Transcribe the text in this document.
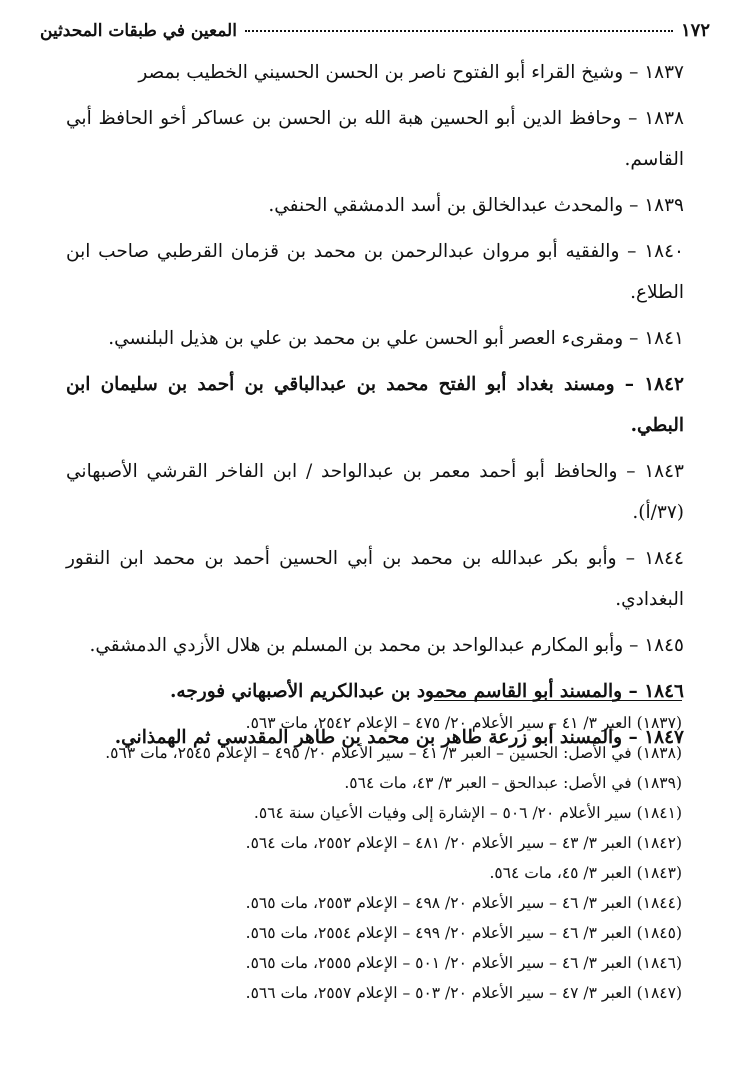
١٧٢
المعين في طبقات المحدثين

١٨٣٧ – وشيخ القراء أبو الفتوح ناصر بن الحسن الحسيني الخطيب بمصر

١٨٣٨ – وحافظ الدين أبو الحسين هبة الله بن الحسن بن عساكر أخو الحافظ أبي القاسم.

١٨٣٩ – والمحدث عبدالخالق بن أسد الدمشقي الحنفي.

١٨٤٠ – والفقيه أبو مروان عبدالرحمن بن محمد بن قزمان القرطبي صاحب ابن الطلاع.

١٨٤١ – ومقرىء العصر أبو الحسن علي بن محمد بن علي بن هذيل البلنسي.

١٨٤٢ – ومسند بغداد أبو الفتح محمد بن عبدالباقي بن أحمد بن سليمان ابن البطي.

١٨٤٣ – والحافظ أبو أحمد معمر بن عبدالواحد / ابن الفاخر القرشي الأصبهاني (٣٧/أ).

١٨٤٤ – وأبو بكر عبدالله بن محمد بن أبي الحسين أحمد بن محمد ابن النقور البغدادي.

١٨٤٥ – وأبو المكارم عبدالواحد بن محمد بن المسلم بن هلال الأزدي الدمشقي.

١٨٤٦ – والمسند أبو القاسم محمود بن عبدالكريم الأصبهاني فورجه.

١٨٤٧ – والمسند أبو زرعة طاهر بن محمد بن طاهر المقدسي ثم الهمذاني.

(١٨٣٧) العبر ٣/ ٤١ – سير الأعلام ٢٠/ ٤٧٥ – الإعلام ٢٥٤٢، مات ٥٦٣.

(١٨٣٨) في الأصل: الحسين – العبر ٣/ ٤١ – سير الأعلام ٢٠/ ٤٩٥ – الإعلام ٢٥٤٥، مات ٥٦٣.

(١٨٣٩) في الأصل: عبدالحق – العبر ٣/ ٤٣، مات ٥٦٤.

(١٨٤١) سير الأعلام ٢٠/ ٥٠٦ – الإشارة إلى وفيات الأعيان سنة ٥٦٤.

(١٨٤٢) العبر ٣/ ٤٣ – سير الأعلام ٢٠/ ٤٨١ – الإعلام ٢٥٥٢، مات ٥٦٤.

(١٨٤٣) العبر ٣/ ٤٥، مات ٥٦٤.

(١٨٤٤) العبر ٣/ ٤٦ – سير الأعلام ٢٠/ ٤٩٨ – الإعلام ٢٥٥٣، مات ٥٦٥.

(١٨٤٥) العبر ٣/ ٤٦ – سير الأعلام ٢٠/ ٤٩٩ – الإعلام ٢٥٥٤، مات ٥٦٥.

(١٨٤٦) العبر ٣/ ٤٦ – سير الأعلام ٢٠/ ٥٠١ – الإعلام ٢٥٥٥، مات ٥٦٥.

(١٨٤٧) العبر ٣/ ٤٧ – سير الأعلام ٢٠/ ٥٠٣ – الإعلام ٢٥٥٧، مات ٥٦٦.
